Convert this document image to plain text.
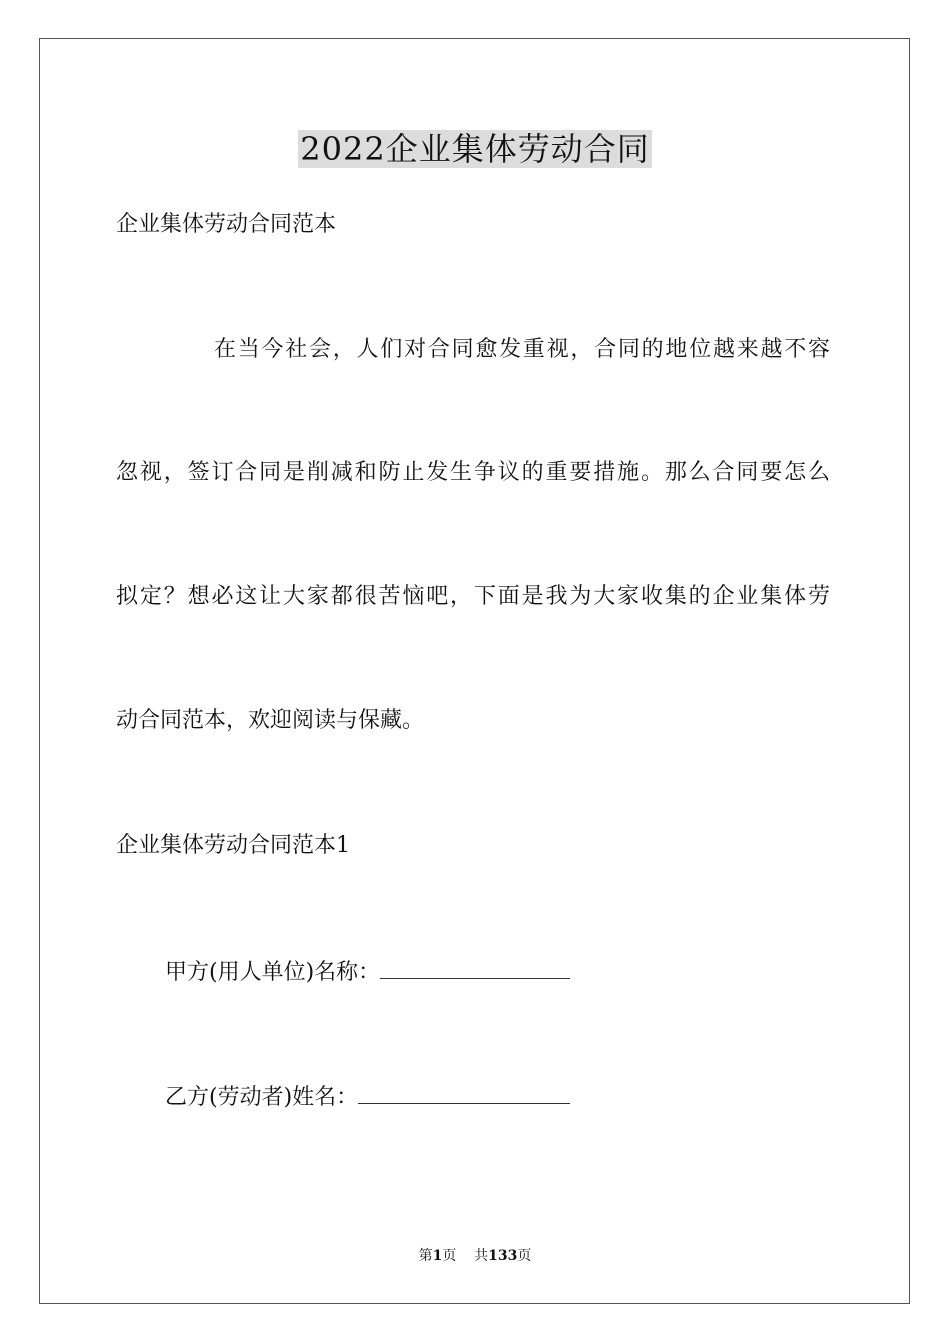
2022企业集体劳动合同
企业集体劳动合同范本
在当今社会，人们对合同愈发重视，合同的地位越来越不容
忽视，签订合同是削减和防止发生争议的重要措施。那么合同要怎么
拟定？想必这让大家都很苦恼吧，下面是我为大家收集的企业集体劳
动合同范本，欢迎阅读与保藏。
企业集体劳动合同范本1
甲方(用人单位)名称：
乙方(劳动者)姓名：
第1页 共133页
